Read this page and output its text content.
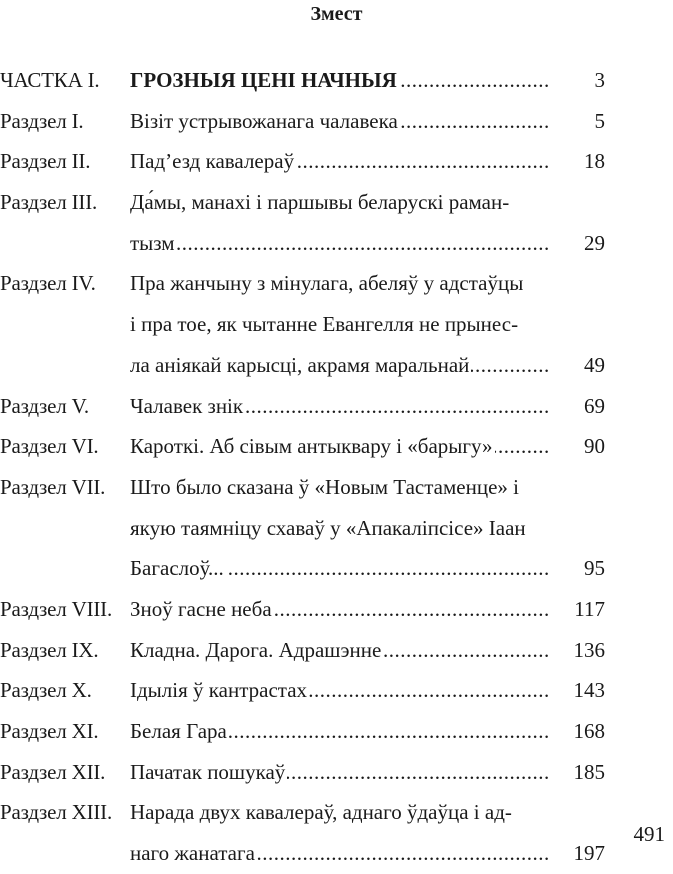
Змест
ЧАСТКА І.	ГРОЗНЫЯ ЦЕНІ НАЧНЫЯ .....	3
Раздзел І.	Візіт устрывожанага чалавека .....	5
Раздзел ІІ.	Пад’езд кавалераў .....	18
Раздзел ІІІ.	Да́мы, манахі і паршывы беларускі раман-
тызм .....	29
Раздзел IV.	Пра жанчыну з мінулага, абеляў у адстаўцы
і пра тое, як чытанне Евангелля не прынес-
ла аніякай карысці, акрамя маральнай .....	49
Раздзел V.	Чалавек знік .....	69
Раздзел VI.	Кароткі. Аб сівым антыквару і «барыгу» .....	90
Раздзел VII.	Што было сказана ў «Новым Тастаменце» і
якую таямніцу схаваў у «Апакаліпсісе» Іаан
Багаслоў... .....	95
Раздзел VIII. Зноў гасне неба .....	117
Раздзел ІХ.	Кладна. Дарога. Адрашэнне .....	136
Раздзел Х.	Ідылія ў кантрастах .....	143
Раздзел ХІ.	Белая Гара .....	168
Раздзел ХІІ.	Пачатак пошукаў .....	185
Раздзел ХІІІ. Нарада двух кавалераў, аднаго ўдаўца і ад-
наго жанатага .....	197
491
